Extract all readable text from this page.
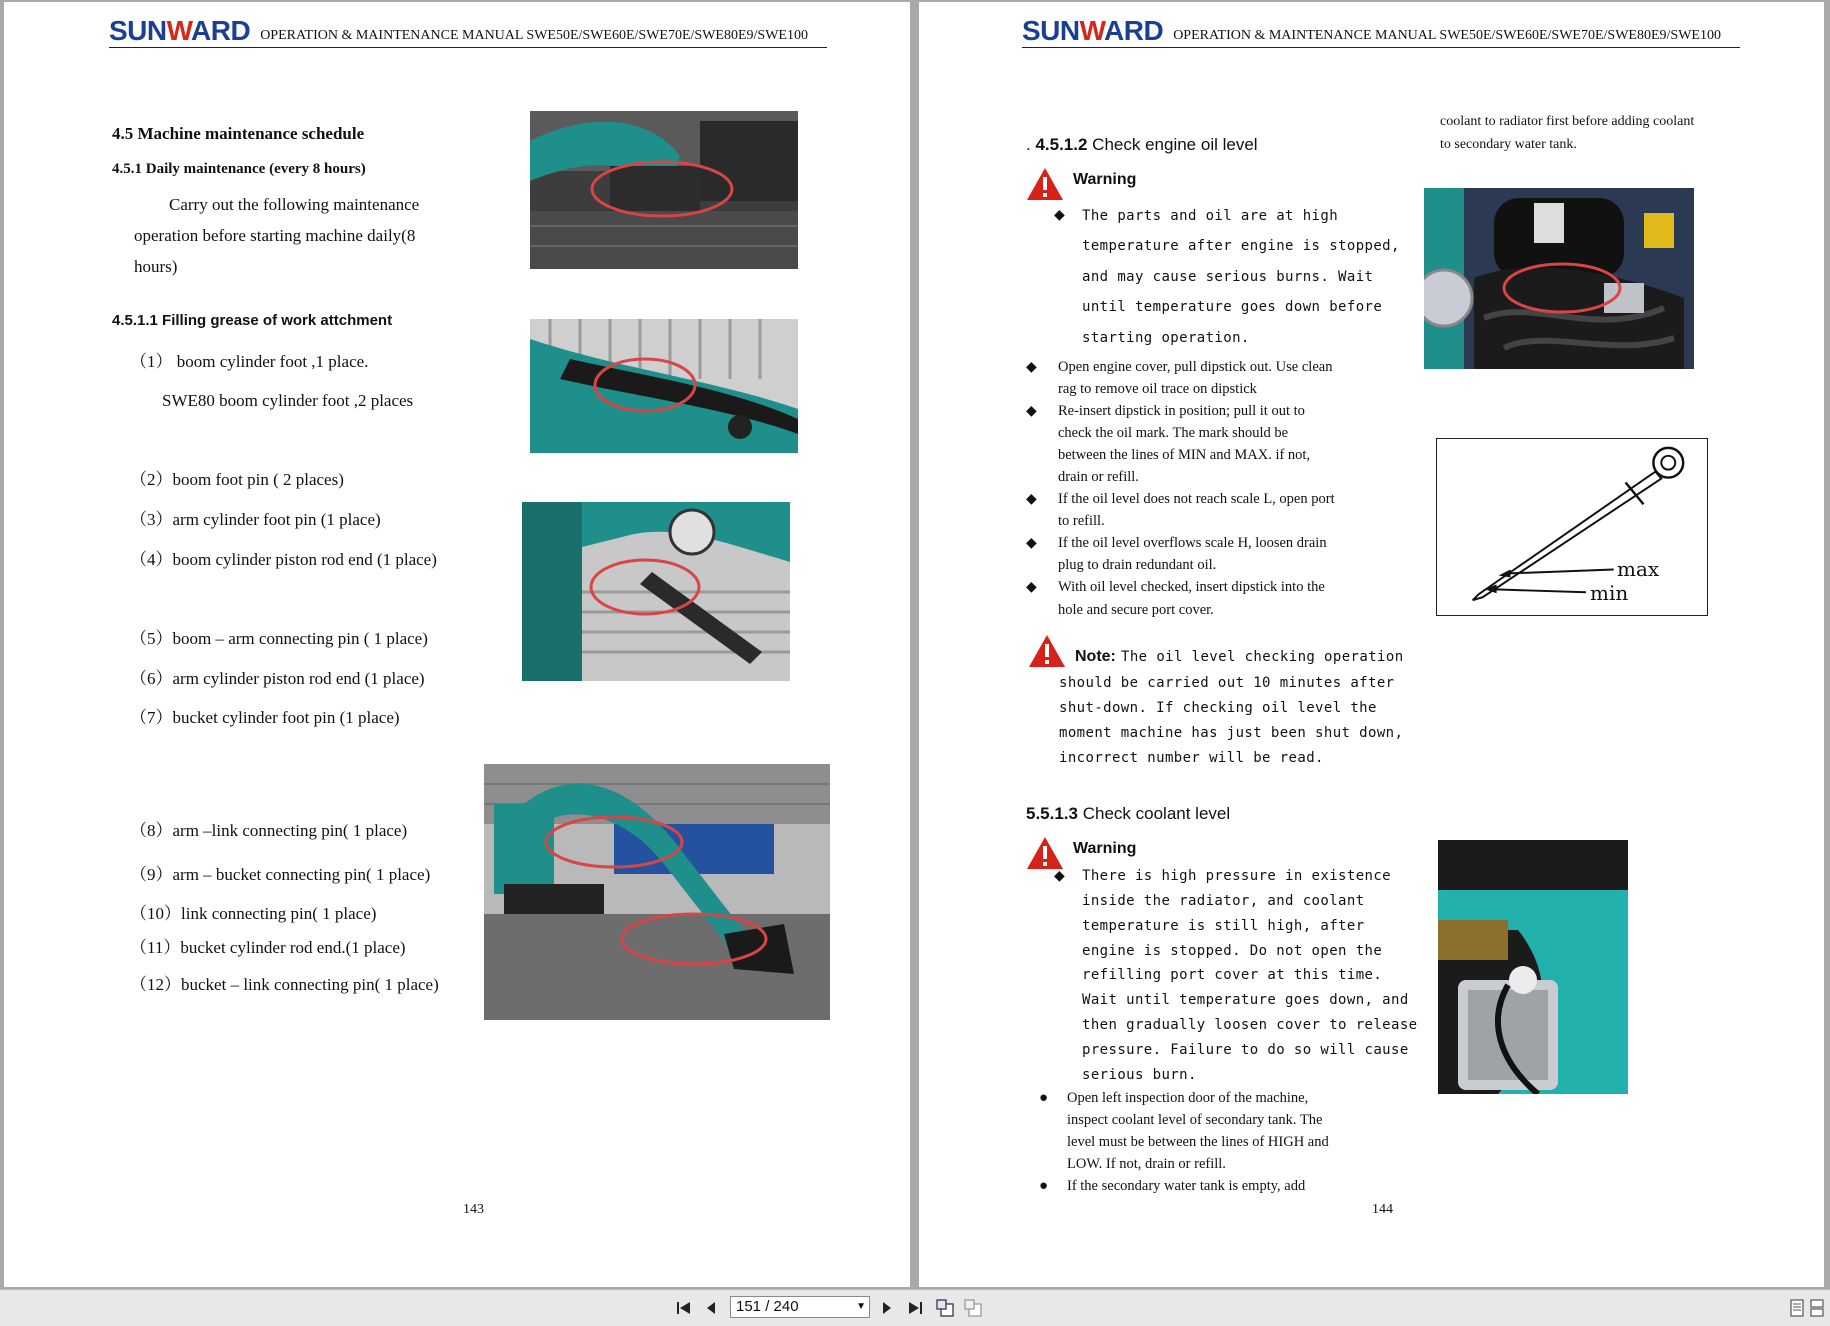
SUNWARD OPERATION & MAINTENANCE MANUAL SWE50E/SWE60E/SWE70E/SWE80E9/SWE100
4.5 Machine maintenance schedule
4.5.1 Daily maintenance (every 8 hours)
Carry out the following maintenance
operation before starting machine daily(8
hours)
4.5.1.1 Filling grease of work attchment
（1） boom cylinder foot ,1 place.
SWE80 boom cylinder foot ,2 places
（2）boom foot pin ( 2 places)
（3）arm cylinder foot pin (1 place)
（4）boom cylinder piston rod end (1 place)
（5）boom – arm connecting pin ( 1 place)
（6）arm cylinder piston rod end (1 place)
（7）bucket cylinder foot pin (1 place)
（8）arm –link connecting pin( 1 place)
（9）arm – bucket connecting pin( 1 place)
（10）link connecting pin( 1 place)
（11）bucket cylinder rod end.(1 place)
（12）bucket – link connecting pin( 1 place)
143
SUNWARD OPERATION & MAINTENANCE MANUAL SWE50E/SWE60E/SWE70E/SWE80E9/SWE100
coolant to radiator first before adding coolant
to secondary water tank.
. 4.5.1.2 Check engine oil level
Warning
◆ The parts and oil are at high
temperature after engine is stopped,
and may cause serious burns. Wait
until temperature goes down before
starting operation.
◆ Open engine cover, pull dipstick out. Use clean
rag to remove oil trace on dipstick
◆ Re-insert dipstick in position; pull it out to
check the oil mark. The mark should be
between the lines of MIN and MAX. if not,
drain or refill.
◆ If the oil level does not reach scale L, open port
to refill.
◆ If the oil level overflows scale H, loosen drain
plug to drain redundant oil.
◆ With oil level checked, insert dipstick into the
hole and secure port cover.
Note: The oil level checking operation
should be carried out 10 minutes after
shut-down. If checking oil level the
moment machine has just been shut down,
incorrect number will be read.
5.5.1.3 Check coolant level
Warning
◆ There is high pressure in existence
inside the radiator, and coolant
temperature is still high, after
engine is stopped. Do not open the
refilling port cover at this time.
Wait until temperature goes down, and
then gradually loosen cover to release
pressure. Failure to do so will cause
serious burn.
● Open left inspection door of the machine,
inspect coolant level of secondary tank. The
level must be between the lines of HIGH and
LOW. If not, drain or refill.
● If the secondary water tank is empty, add
max
min
144
151 / 240	▼
